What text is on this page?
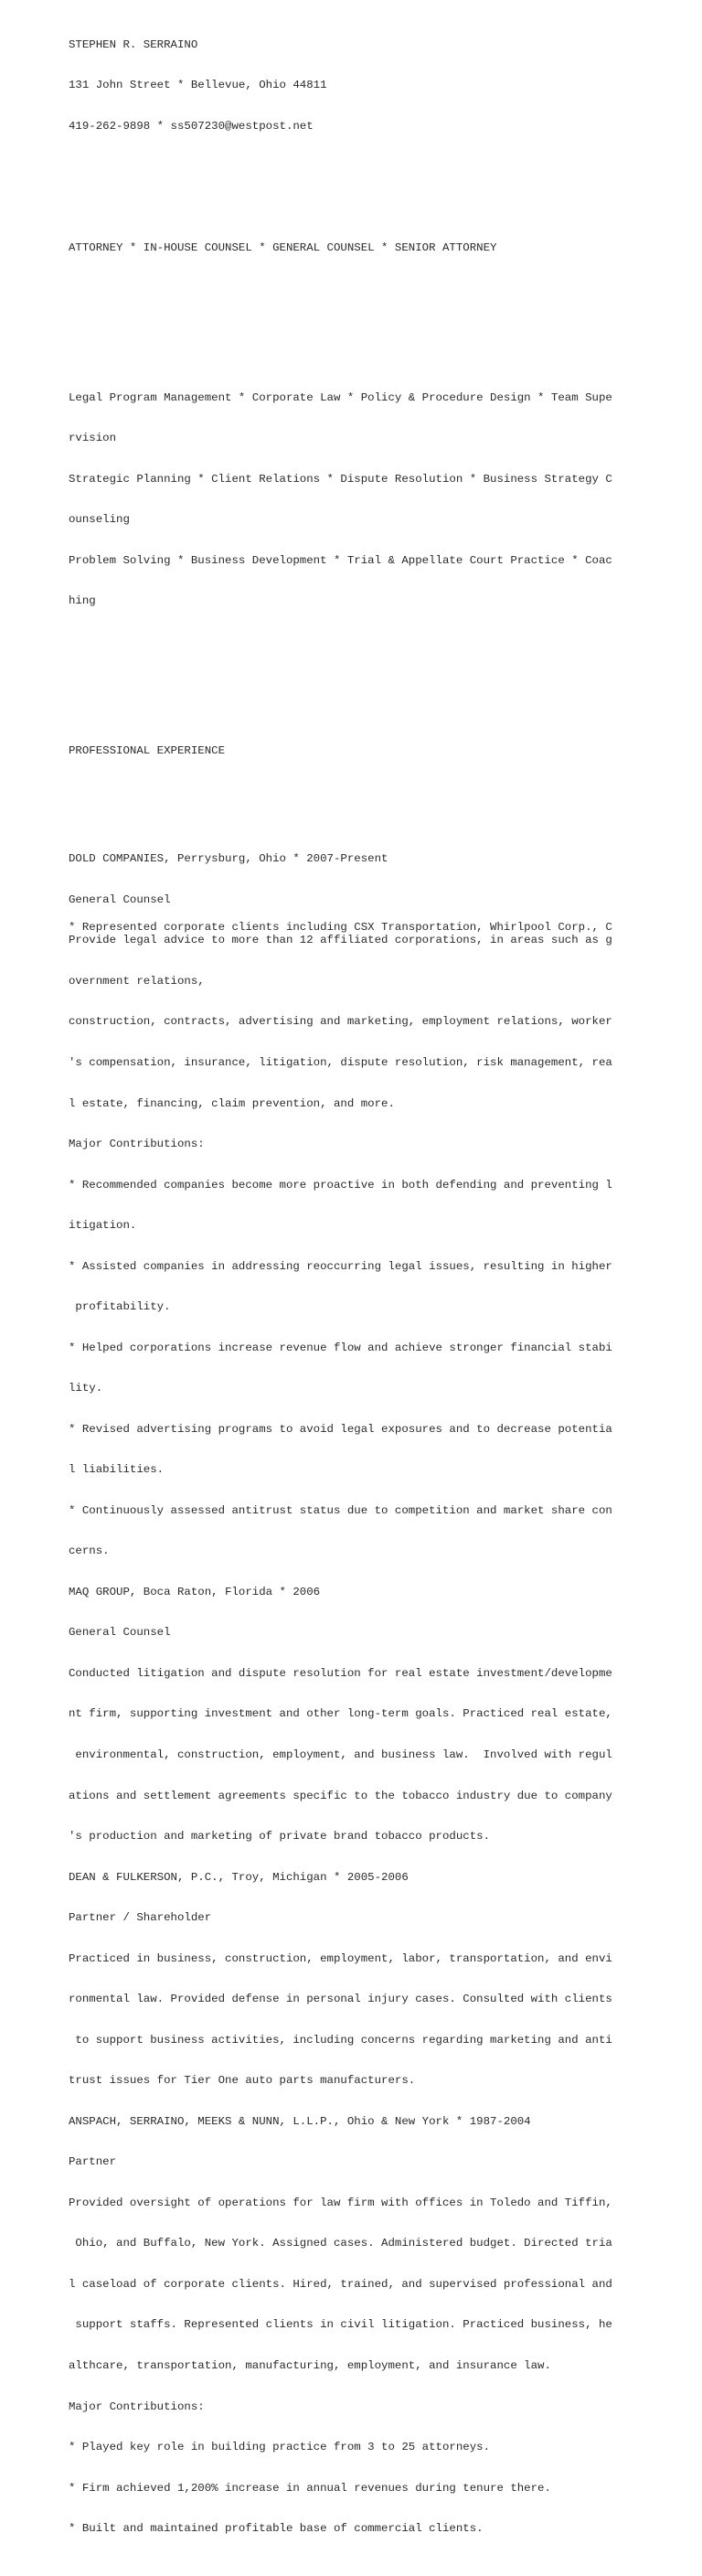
STEPHEN R. SERRAINO

131 John Street * Bellevue, Ohio 44811

419-262-9898 * ss507230@westpost.net

ATTORNEY * IN-HOUSE COUNSEL * GENERAL COUNSEL * SENIOR ATTORNEY

Legal Program Management * Corporate Law * Policy & Procedure Design * Team Supe

rvision

Strategic Planning * Client Relations * Dispute Resolution * Business Strategy C

ounseling

Problem Solving * Business Development * Trial & Appellate Court Practice * Coac

hing

PROFESSIONAL EXPERIENCE

DOLD COMPANIES, Perrysburg, Ohio * 2007-Present

General Counsel

Provide legal advice to more than 12 affiliated corporations, in areas such as g

overnment relations,

construction, contracts, advertising and marketing, employment relations, worker

's compensation, insurance, litigation, dispute resolution, risk management, rea

l estate, financing, claim prevention, and more.

Major Contributions:

* Recommended companies become more proactive in both defending and preventing l

itigation.

* Assisted companies in addressing reoccurring legal issues, resulting in higher

profitability.

* Helped corporations increase revenue flow and achieve stronger financial stabi

lity.

* Revised advertising programs to avoid legal exposures and to decrease potentia

l liabilities.

* Continuously assessed antitrust status due to competition and market share con

cerns.

MAQ GROUP, Boca Raton, Florida * 2006

General Counsel

Conducted litigation and dispute resolution for real estate investment/developme

nt firm, supporting investment and other long-term goals. Practiced real estate,

environmental, construction, employment, and business law.  Involved with regul

ations and settlement agreements specific to the tobacco industry due to company

's production and marketing of private brand tobacco products.

DEAN & FULKERSON, P.C., Troy, Michigan * 2005-2006

Partner / Shareholder

Practiced in business, construction, employment, labor, transportation, and envi

ronmental law. Provided defense in personal injury cases. Consulted with clients

to support business activities, including concerns regarding marketing and anti

trust issues for Tier One auto parts manufacturers.

ANSPACH, SERRAINO, MEEKS & NUNN, L.L.P., Ohio & New York * 1987-2004

Partner

Provided oversight of operations for law firm with offices in Toledo and Tiffin,

Ohio, and Buffalo, New York. Assigned cases. Administered budget. Directed tria

l caseload of corporate clients. Hired, trained, and supervised professional and

support staffs. Represented clients in civil litigation. Practiced business, he

althcare, transportation, manufacturing, employment, and insurance law.

Major Contributions:

* Played key role in building practice from 3 to 25 attorneys.

* Firm achieved 1,200% increase in annual revenues during tenure there.

* Built and maintained profitable base of commercial clients.

* Represented corporate clients including CSX Transportation, Whirlpool Corp., C
